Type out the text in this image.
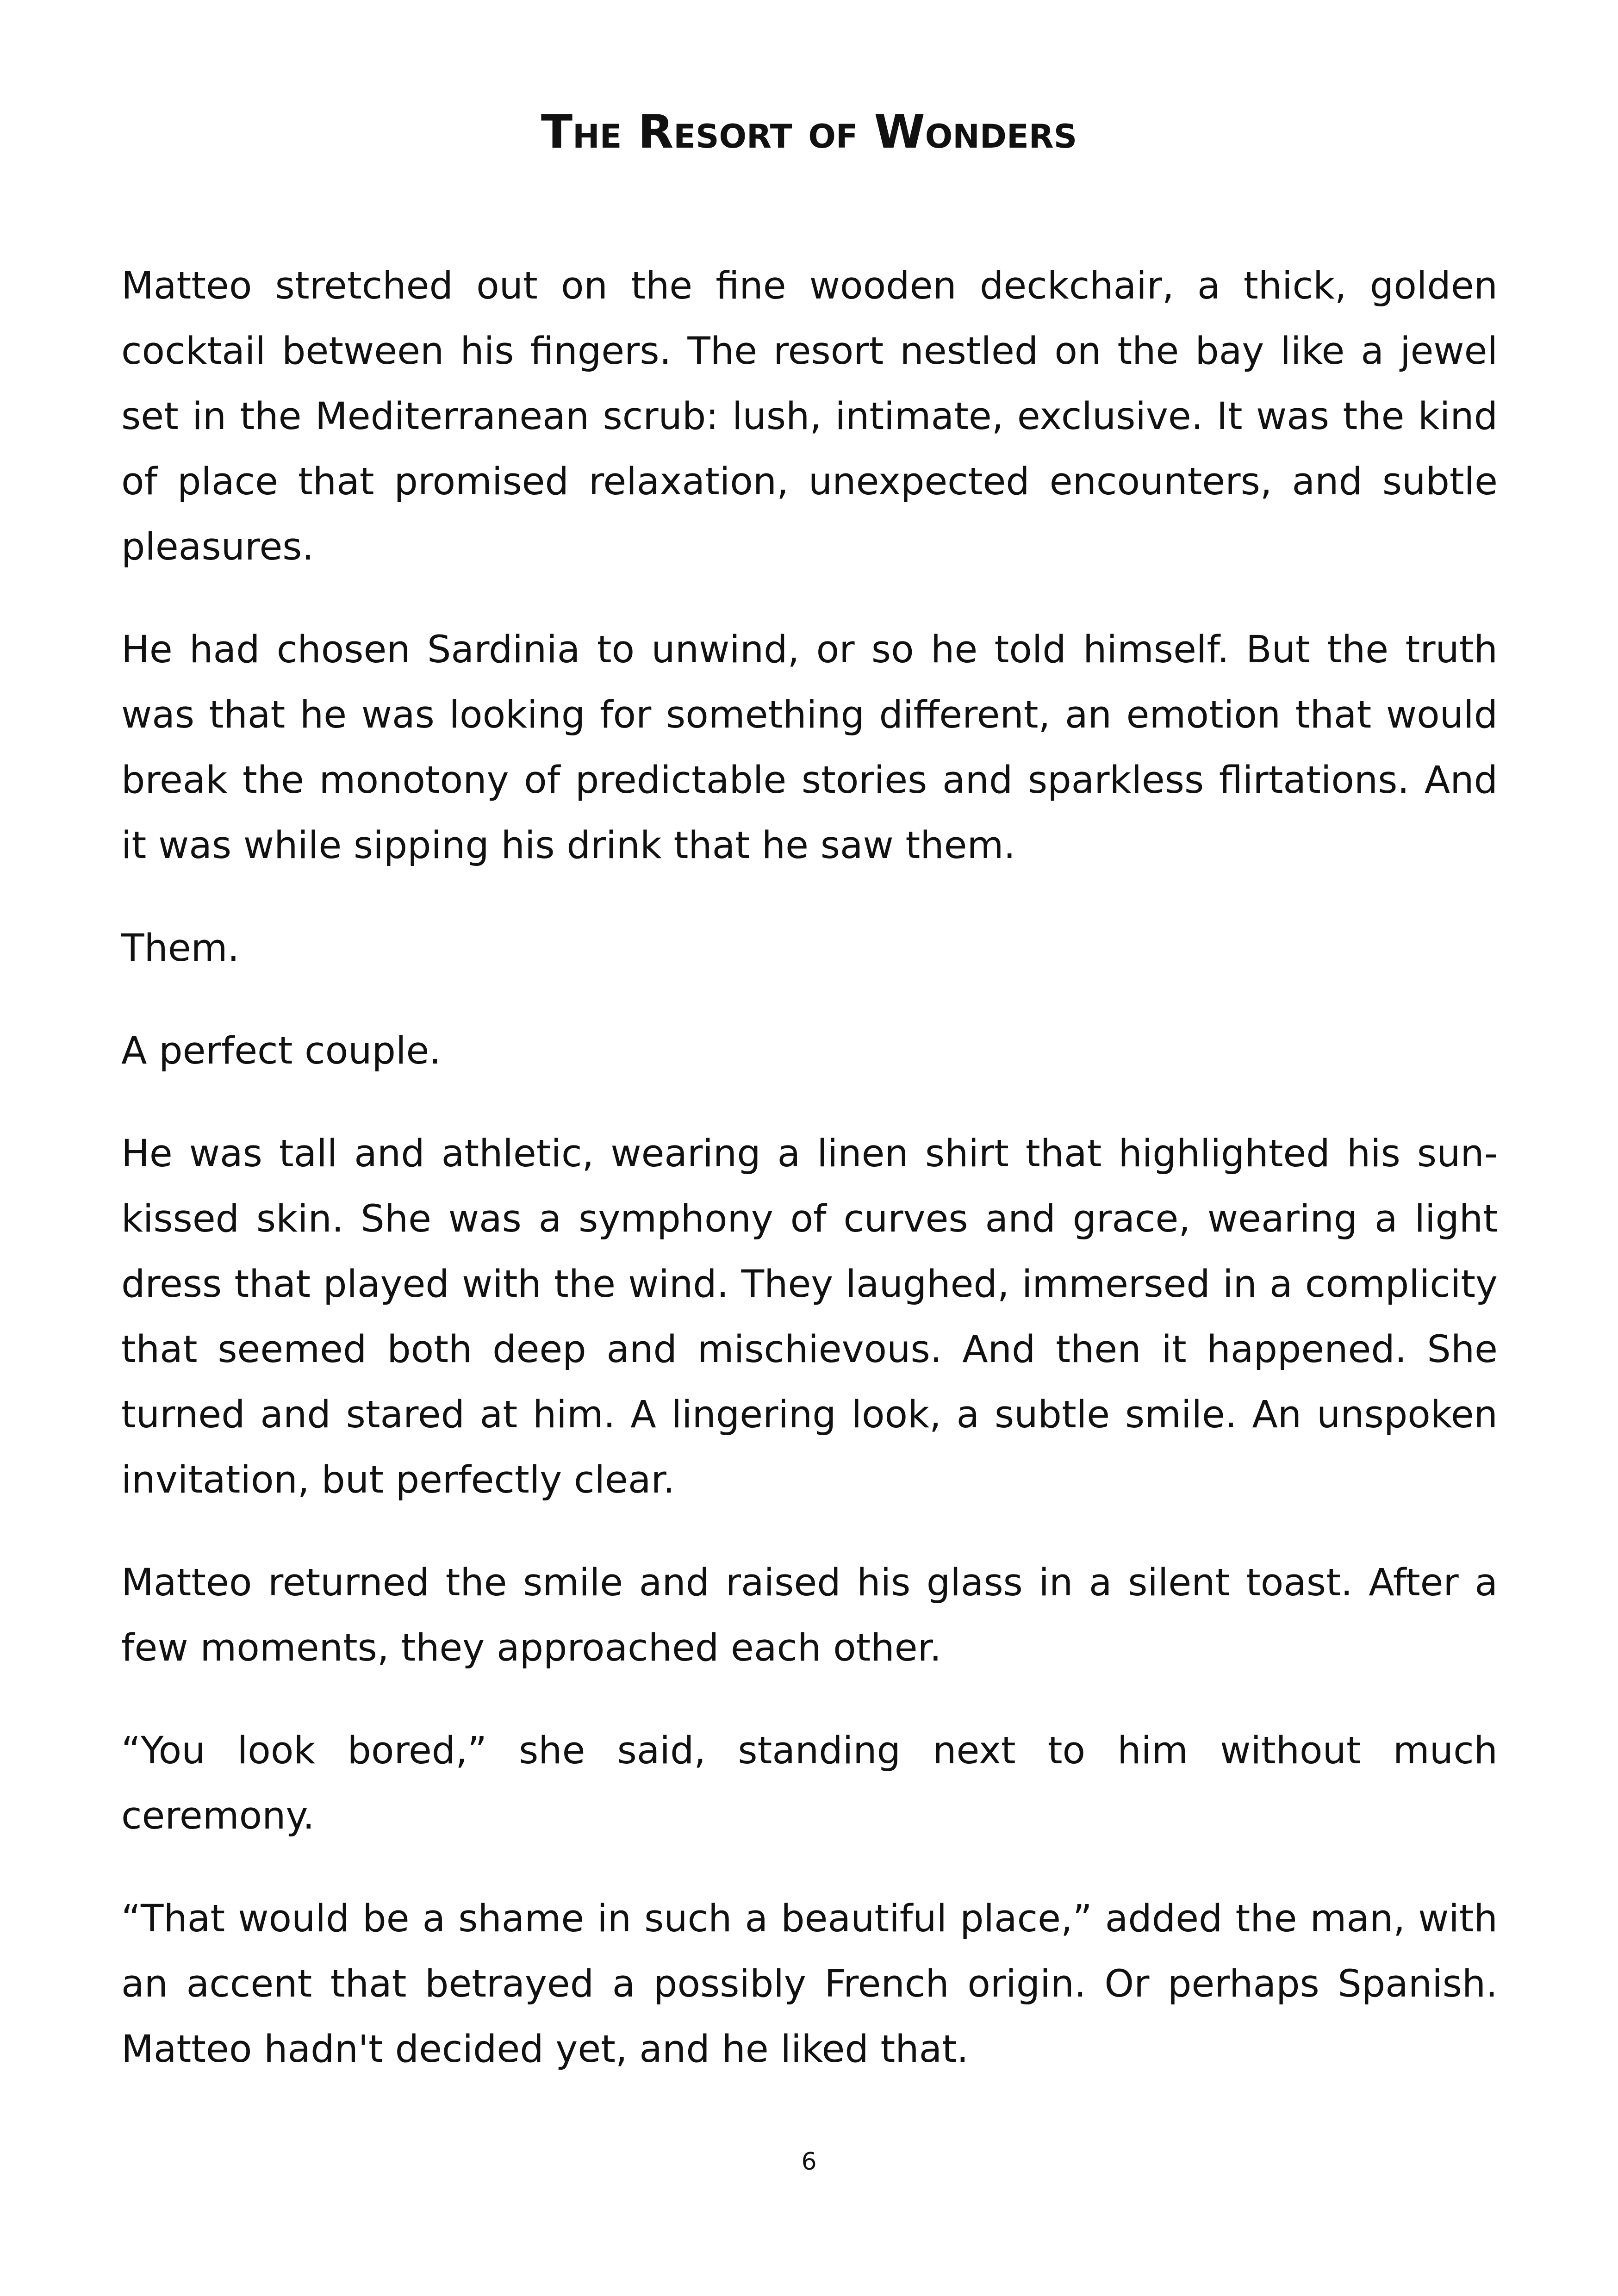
The Resort of Wonders

Matteo stretched out on the fine wooden deckchair, a thick, golden cocktail between his fingers. The resort nestled on the bay like a jewel set in the Mediterranean scrub: lush, intimate, exclusive. It was the kind of place that promised relaxation, unexpected encounters, and subtle pleasures.

He had chosen Sardinia to unwind, or so he told himself. But the truth was that he was looking for something different, an emotion that would break the monotony of predictable stories and sparkless flirtations. And it was while sipping his drink that he saw them.

Them.

A perfect couple.

He was tall and athletic, wearing a linen shirt that highlighted his sun-kissed skin. She was a symphony of curves and grace, wearing a light dress that played with the wind. They laughed, immersed in a complicity that seemed both deep and mischievous. And then it happened. She turned and stared at him. A lingering look, a subtle smile. An unspoken invitation, but perfectly clear.

Matteo returned the smile and raised his glass in a silent toast. After a few moments, they approached each other.

“You look bored,” she said, standing next to him without much ceremony.

“That would be a shame in such a beautiful place,” added the man, with an accent that betrayed a possibly French origin. Or perhaps Spanish. Matteo hadn't decided yet, and he liked that.

6
